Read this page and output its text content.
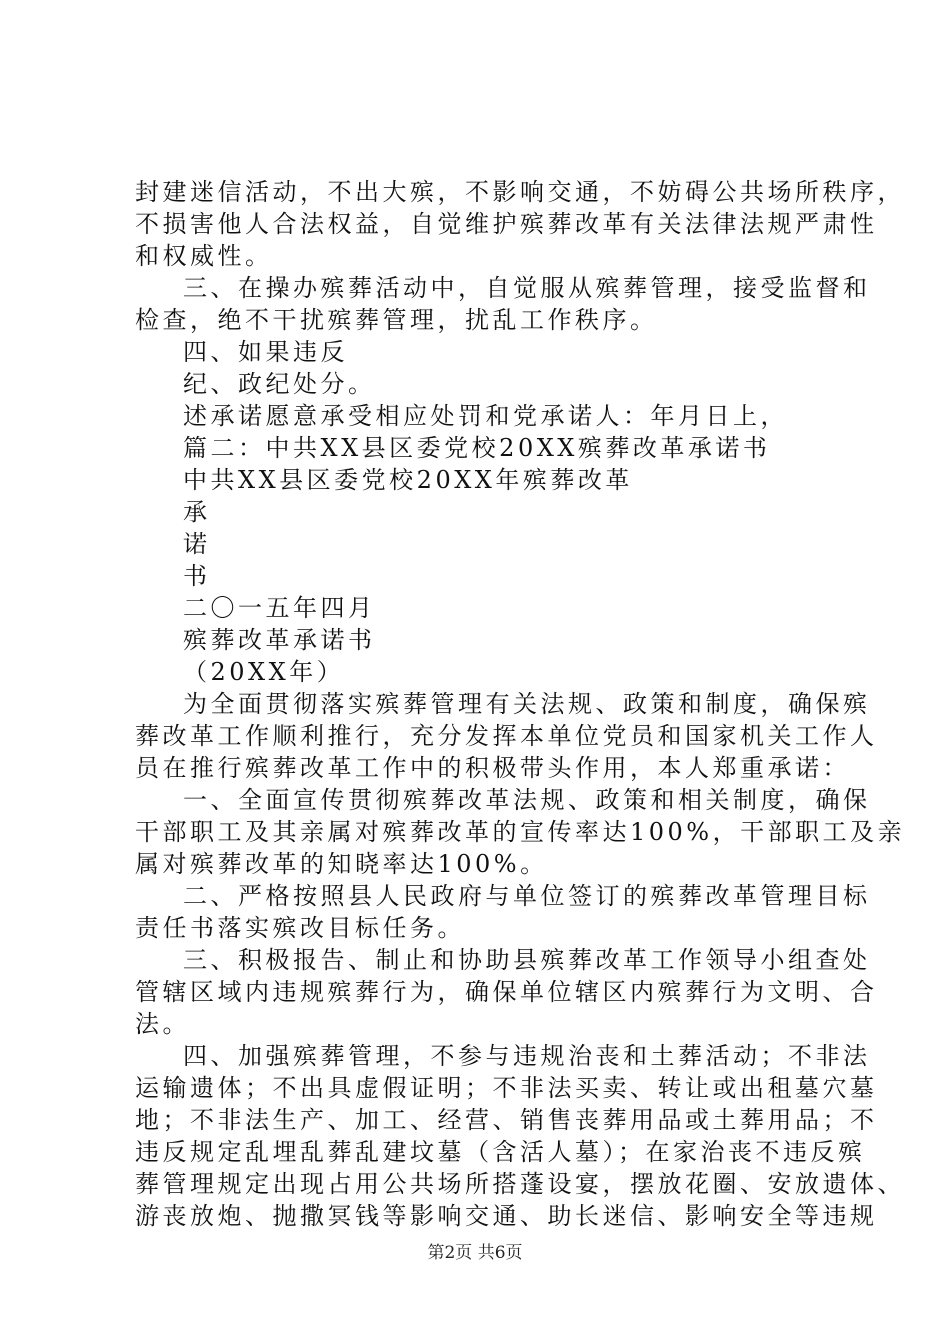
封建迷信活动，不出大殡，不影响交通，不妨碍公共场所秩序，
不损害他人合法权益，自觉维护殡葬改革有关法律法规严肃性
和权威性。
三、在操办殡葬活动中，自觉服从殡葬管理，接受监督和
检查，绝不干扰殡葬管理，扰乱工作秩序。
四、如果违反
纪、政纪处分。
述承诺愿意承受相应处罚和党承诺人：年月日上，
篇二：中共XX县区委党校20XX殡葬改革承诺书
中共XX县区委党校20XX年殡葬改革
承
诺
书
二〇一五年四月
殡葬改革承诺书
（20XX年）
为全面贯彻落实殡葬管理有关法规、政策和制度，确保殡
葬改革工作顺利推行，充分发挥本单位党员和国家机关工作人
员在推行殡葬改革工作中的积极带头作用，本人郑重承诺：
一、全面宣传贯彻殡葬改革法规、政策和相关制度，确保
干部职工及其亲属对殡葬改革的宣传率达100%，干部职工及亲
属对殡葬改革的知晓率达100%。
二、严格按照县人民政府与单位签订的殡葬改革管理目标
责任书落实殡改目标任务。
三、积极报告、制止和协助县殡葬改革工作领导小组查处
管辖区域内违规殡葬行为，确保单位辖区内殡葬行为文明、合
法。
四、加强殡葬管理，不参与违规治丧和土葬活动；不非法
运输遗体；不出具虚假证明；不非法买卖、转让或出租墓穴墓
地；不非法生产、加工、经营、销售丧葬用品或土葬用品；不
违反规定乱埋乱葬乱建坟墓（含活人墓）；在家治丧不违反殡
葬管理规定出现占用公共场所搭蓬设宴，摆放花圈、安放遗体、
游丧放炮、抛撒冥钱等影响交通、助长迷信、影响安全等违规
第2页 共6页
